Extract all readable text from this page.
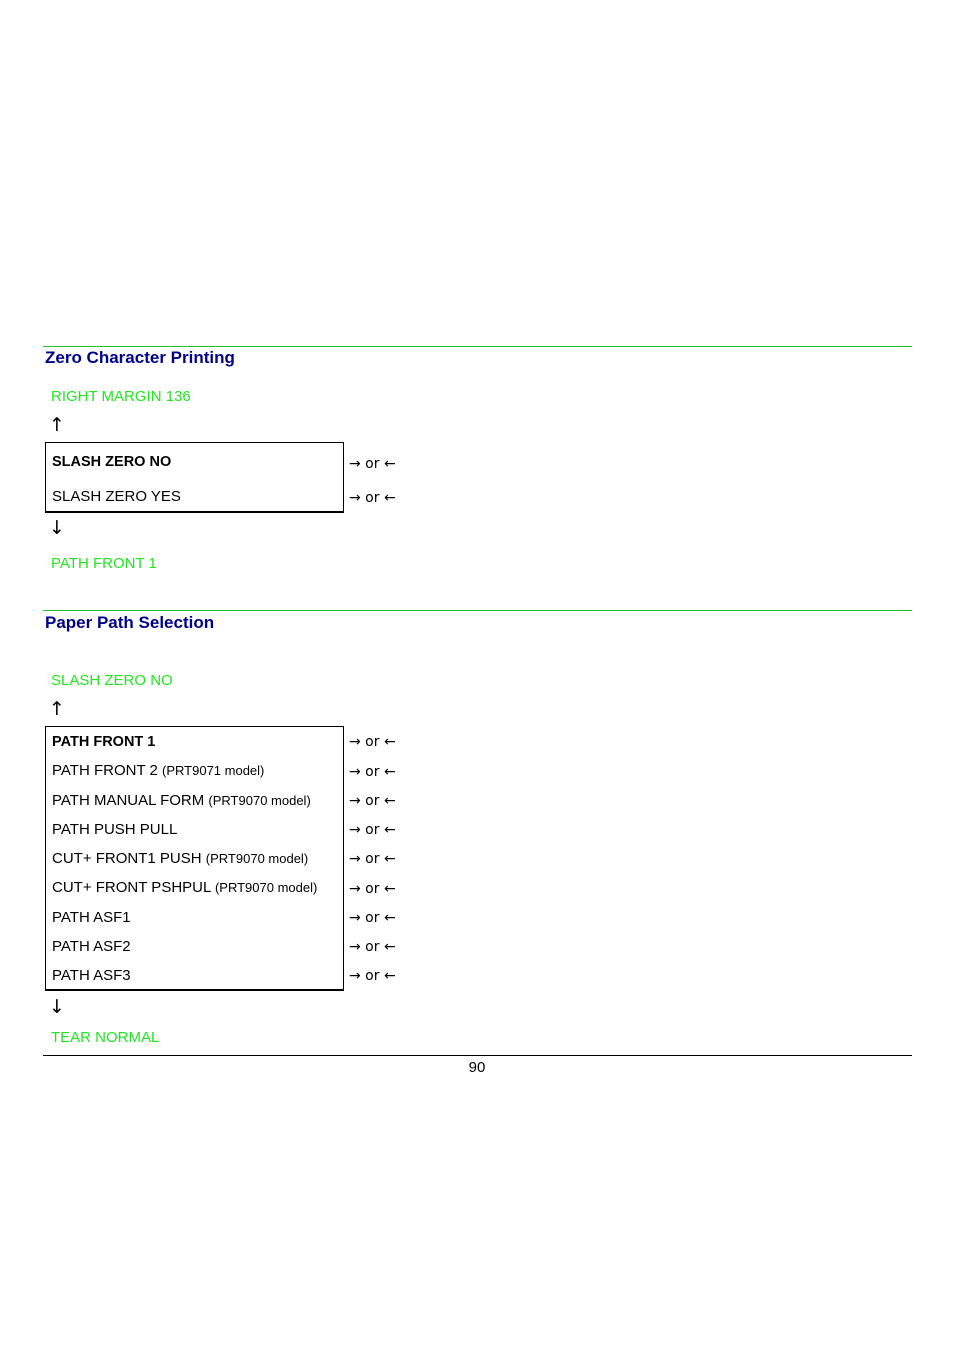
Zero Character Printing
RIGHT MARGIN 136
↑
SLASH ZERO NO
SLASH ZERO YES
→ or ←
→ or ←
↓
PATH FRONT 1
Paper Path Selection
SLASH ZERO NO
↑
PATH FRONT 1
PATH FRONT 2 (PRT9071 model)
PATH MANUAL FORM (PRT9070 model)
PATH PUSH PULL
CUT+ FRONT1 PUSH (PRT9070 model)
CUT+ FRONT PSHPUL (PRT9070 model)
PATH ASF1
PATH ASF2
PATH ASF3
→ or ←
→ or ←
→ or ←
→ or ←
→ or ←
→ or ←
→ or ←
→ or ←
→ or ←
↓
TEAR NORMAL
90
